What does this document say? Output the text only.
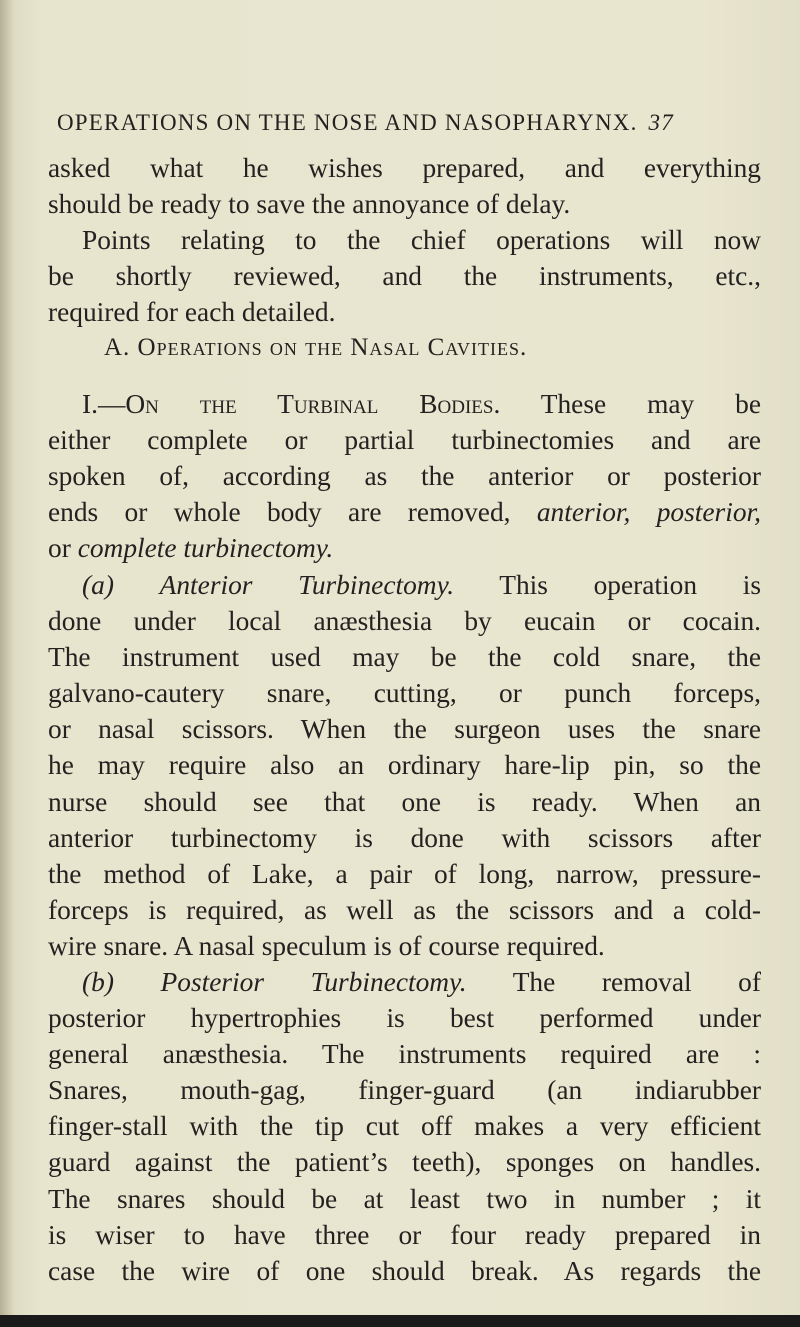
OPERATIONS ON THE NOSE AND NASOPHARYNX. 37
asked what he wishes prepared, and everything
should be ready to save the annoyance of delay.
Points relating to the chief operations will now
be shortly reviewed, and the instruments, etc.,
required for each detailed.
A. Operations on the Nasal Cavities.
I.—On the Turbinal Bodies. These may be
either complete or partial turbinectomies and are
spoken of, according as the anterior or posterior
ends or whole body are removed, anterior, posterior,
or complete turbinectomy.
(a) Anterior Turbinectomy. This operation is
done under local anæsthesia by eucain or cocain.
The instrument used may be the cold snare, the
galvano-cautery snare, cutting, or punch forceps,
or nasal scissors. When the surgeon uses the snare
he may require also an ordinary hare-lip pin, so the
nurse should see that one is ready. When an
anterior turbinectomy is done with scissors after
the method of Lake, a pair of long, narrow, pressure-
forceps is required, as well as the scissors and a cold-
wire snare. A nasal speculum is of course required.
(b) Posterior Turbinectomy. The removal of
posterior hypertrophies is best performed under
general anæsthesia. The instruments required are :
Snares, mouth-gag, finger-guard (an indiarubber
finger-stall with the tip cut off makes a very efficient
guard against the patient’s teeth), sponges on handles.
The snares should be at least two in number ; it
is wiser to have three or four ready prepared in
case the wire of one should break. As regards the
